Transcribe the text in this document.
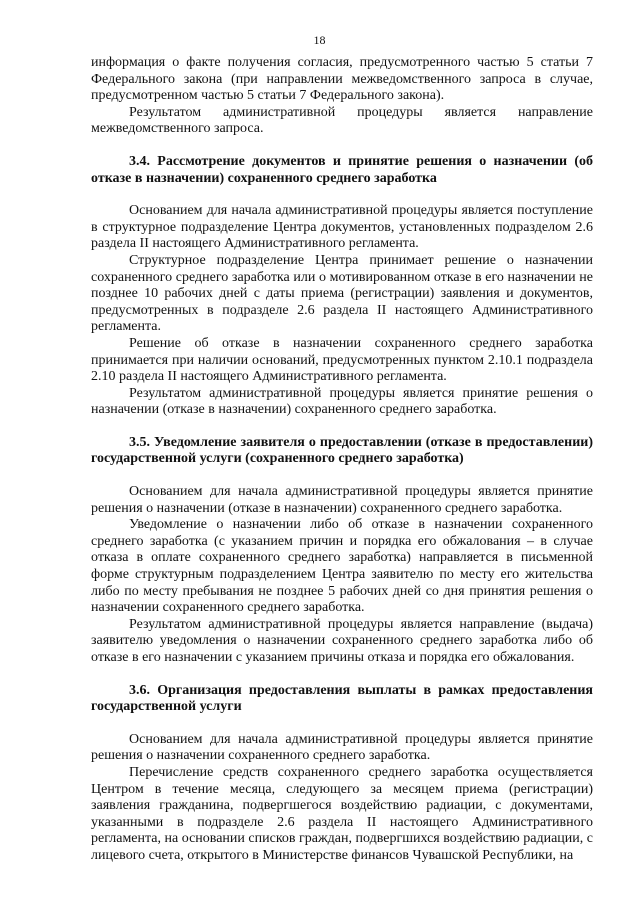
18

информация о факте получения согласия, предусмотренного частью 5 статьи 7 Федерального закона (при направлении межведомственного запроса в случае, предусмотренном частью 5 статьи 7 Федерального закона).

Результатом административной процедуры является направление межведомственного запроса.

3.4. Рассмотрение документов и принятие решения о назначении (об отказе в назначении) сохраненного среднего заработка

Основанием для начала административной процедуры является поступление в структурное подразделение Центра документов, установленных подразделом 2.6 раздела II настоящего Административного регламента.

Структурное подразделение Центра принимает решение о назначении сохраненного среднего заработка или о мотивированном отказе в его назначении не позднее 10 рабочих дней с даты приема (регистрации) заявления и документов, предусмотренных в подразделе 2.6 раздела II настоящего Административного регламента.

Решение об отказе в назначении сохраненного среднего заработка принимается при наличии оснований, предусмотренных пунктом 2.10.1 подраздела 2.10 раздела II настоящего Административного регламента.

Результатом административной процедуры является принятие решения о назначении (отказе в назначении) сохраненного среднего заработка.

3.5. Уведомление заявителя о предоставлении (отказе в предоставлении) государственной услуги (сохраненного среднего заработка)

Основанием для начала административной процедуры является принятие решения о назначении (отказе в назначении) сохраненного среднего заработка.

Уведомление о назначении либо об отказе в назначении сохраненного среднего заработка (с указанием причин и порядка его обжалования – в случае отказа в оплате сохраненного среднего заработка) направляется в письменной форме структурным подразделением Центра заявителю по месту его жительства либо по месту пребывания не позднее 5 рабочих дней со дня принятия решения о назначении сохраненного среднего заработка.

Результатом административной процедуры является направление (выдача) заявителю уведомления о назначении сохраненного среднего заработка либо об отказе в его назначении с указанием причины отказа и порядка его обжалования.

3.6. Организация предоставления выплаты в рамках предоставления государственной услуги

Основанием для начала административной процедуры является принятие решения о назначении сохраненного среднего заработка.

Перечисление средств сохраненного среднего заработка осуществляется Центром в течение месяца, следующего за месяцем приема (регистрации) заявления гражданина, подвергшегося воздействию радиации, с документами, указанными в подразделе 2.6 раздела II настоящего Административного регламента, на основании списков граждан, подвергшихся воздействию радиации, с лицевого счета, открытого в Министерстве финансов Чувашской Республики, на
